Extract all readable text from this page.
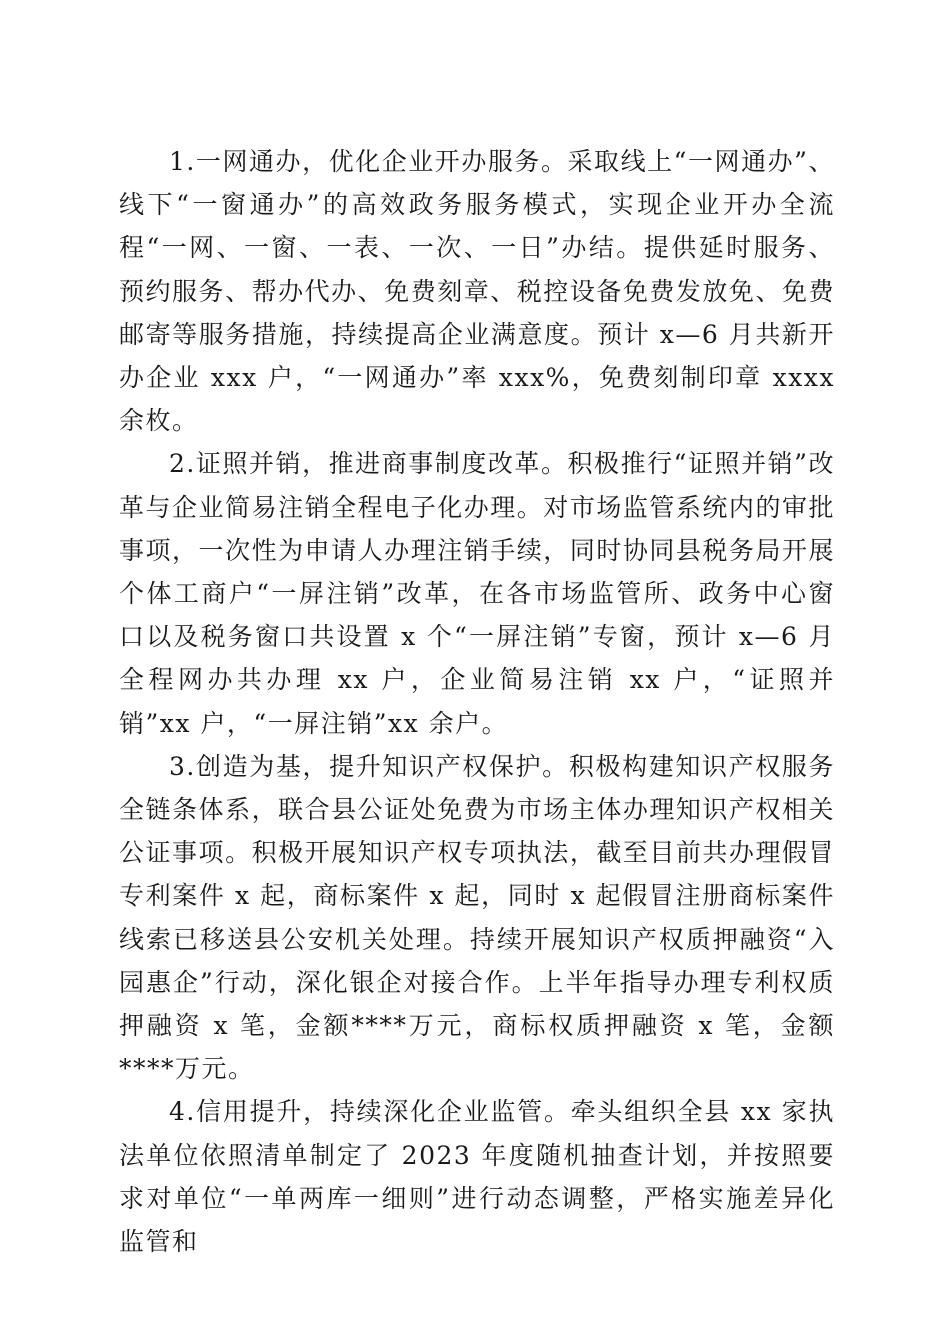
1.一网通办，优化企业开办服务。采取线上“一网通办”、线下“一窗通办”的高效政务服务模式，实现企业开办全流程“一网、一窗、一表、一次、一日”办结。提供延时服务、预约服务、帮办代办、免费刻章、税控设备免费发放免、免费邮寄等服务措施，持续提高企业满意度。预计 x—6 月共新开办企业 xxx 户，“一网通办”率 xxx%，免费刻制印章 xxxx 余枚。

2.证照并销，推进商事制度改革。积极推行“证照并销”改革与企业简易注销全程电子化办理。对市场监管系统内的审批事项，一次性为申请人办理注销手续，同时协同县税务局开展个体工商户“一屏注销”改革，在各市场监管所、政务中心窗口以及税务窗口共设置 x 个“一屏注销”专窗，预计 x—6 月全程网办共办理 xx 户，企业简易注销 xx 户，“证照并销”xx 户，“一屏注销”xx 余户。

3.创造为基，提升知识产权保护。积极构建知识产权服务全链条体系，联合县公证处免费为市场主体办理知识产权相关公证事项。积极开展知识产权专项执法，截至目前共办理假冒专利案件 x 起，商标案件 x 起，同时 x 起假冒注册商标案件线索已移送县公安机关处理。持续开展知识产权质押融资“入园惠企”行动，深化银企对接合作。上半年指导办理专利权质押融资 x 笔，金额****万元，商标权质押融资 x 笔，金额****万元。

4.信用提升，持续深化企业监管。牵头组织全县 xx 家执法单位依照清单制定了 2023 年度随机抽查计划，并按照要求对单位“一单两库一细则”进行动态调整，严格实施差异化监管和
